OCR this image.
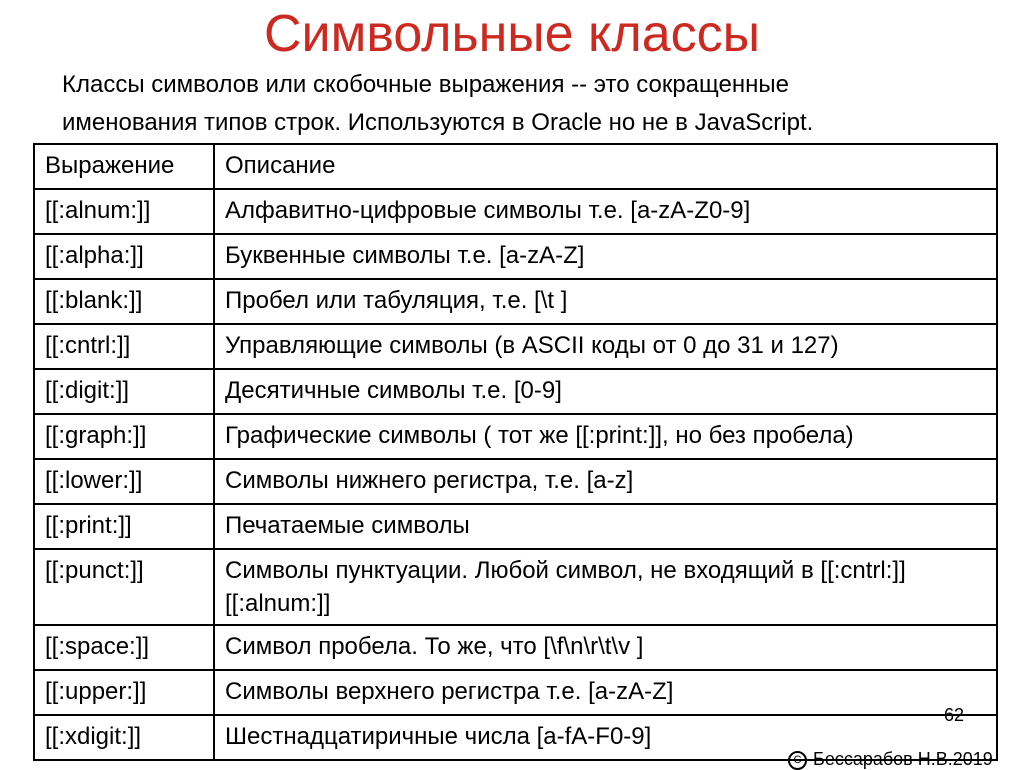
Символьные классы

Классы символов или скобочные выражения -- это сокращенные

именования типов строк. Используются в Oracle но не в JavaScript.

Выражение	Описание
[[:alnum:]]	Алфавитно-цифровые символы т.е. [a-zA-Z0-9]
[[:alpha:]]	Буквенные символы т.е. [a-zA-Z]
[[:blank:]]	Пробел или табуляция, т.е. [\t ]
[[:cntrl:]]	Управляющие символы (в ASCII коды от 0 до 31 и 127)
[[:digit:]]	Десятичные символы т.е. [0-9]
[[:graph:]]	Графические символы ( тот же [[:print:]], но без пробела)
[[:lower:]]	Символы нижнего регистра, т.е. [a-z]
[[:print:]]	Печатаемые символы
[[:punct:]]	Символы пунктуации. Любой символ, не входящий в [[:cntrl:]] [[:alnum:]]
[[:space:]]	Символ пробела. То же, что [\f\n\r\t\v ]
[[:upper:]]	Символы верхнего регистра т.е. [a-zA-Z]
[[:xdigit:]]	Шестнадцатиричные числа [a-fA-F0-9]
62
C Бессарабов Н.В.2019
